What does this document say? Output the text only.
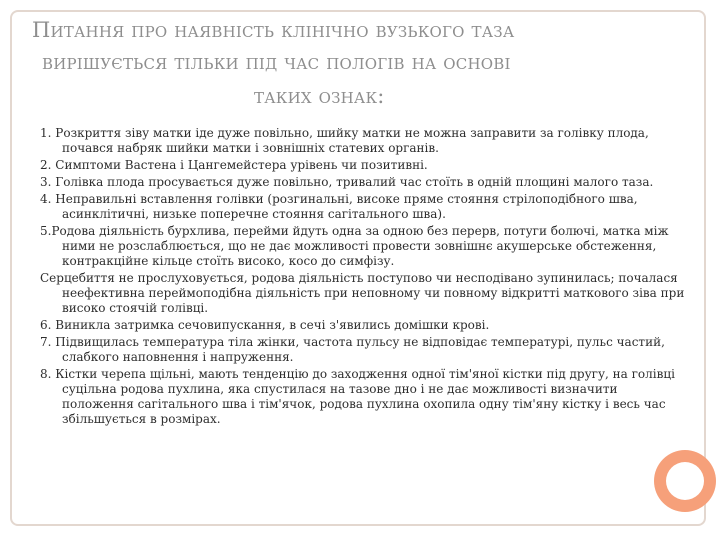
Питання про наявність клінічно вузького таза
вирішується тільки під час пологів на основі
таких ознак:
1. Розкриття зіву матки іде дуже повільно, шийку матки не можна заправити за голівку плода, почався набряк шийки матки і зовнішніх статевих органів.
2. Симптоми Вастена і Цангемейстера урівень чи позитивні.
3. Голівка плода просувається дуже повільно, тривалий час стоїть в одній площині малого таза.
4. Неправильні вставлення голівки (розгинальні, високе пряме стояння стрілоподібного шва, асинклітичні, низьке поперечне стояння сагітального шва).
5.Родова діяльність бурхлива, перейми йдуть одна за одною без перерв, потуги болючі, матка між ними не розслаблюється, що не дає можливості провести зовнішнє акушерське обстеження, контракційне кільце стоїть високо, косо до симфізу.
Серцебиття не прослуховується, родова діяльність поступово чи несподівано зупинилась; почалася неефективна переймоподібна діяльність при неповному чи повному відкритті маткового зіва при високо стоячій голівці.
6. Виникла затримка сечовипускання, в сечі з'явились домішки крові.
7. Підвищилась температура тіла жінки, частота пульсу не відповідає температурі, пульс частий, слабкого наповнення і напруження.
8. Кістки черепа щільні, мають тенденцію до заходження одної тім'яної кістки під другу, на голівці суцільна родова пухлина, яка спустилася на тазове дно і не дає можливості визначити положення сагітального шва і тім'ячок, родова пухлина охопила одну тім'яну кістку і весь час збільшується в розмірах.
